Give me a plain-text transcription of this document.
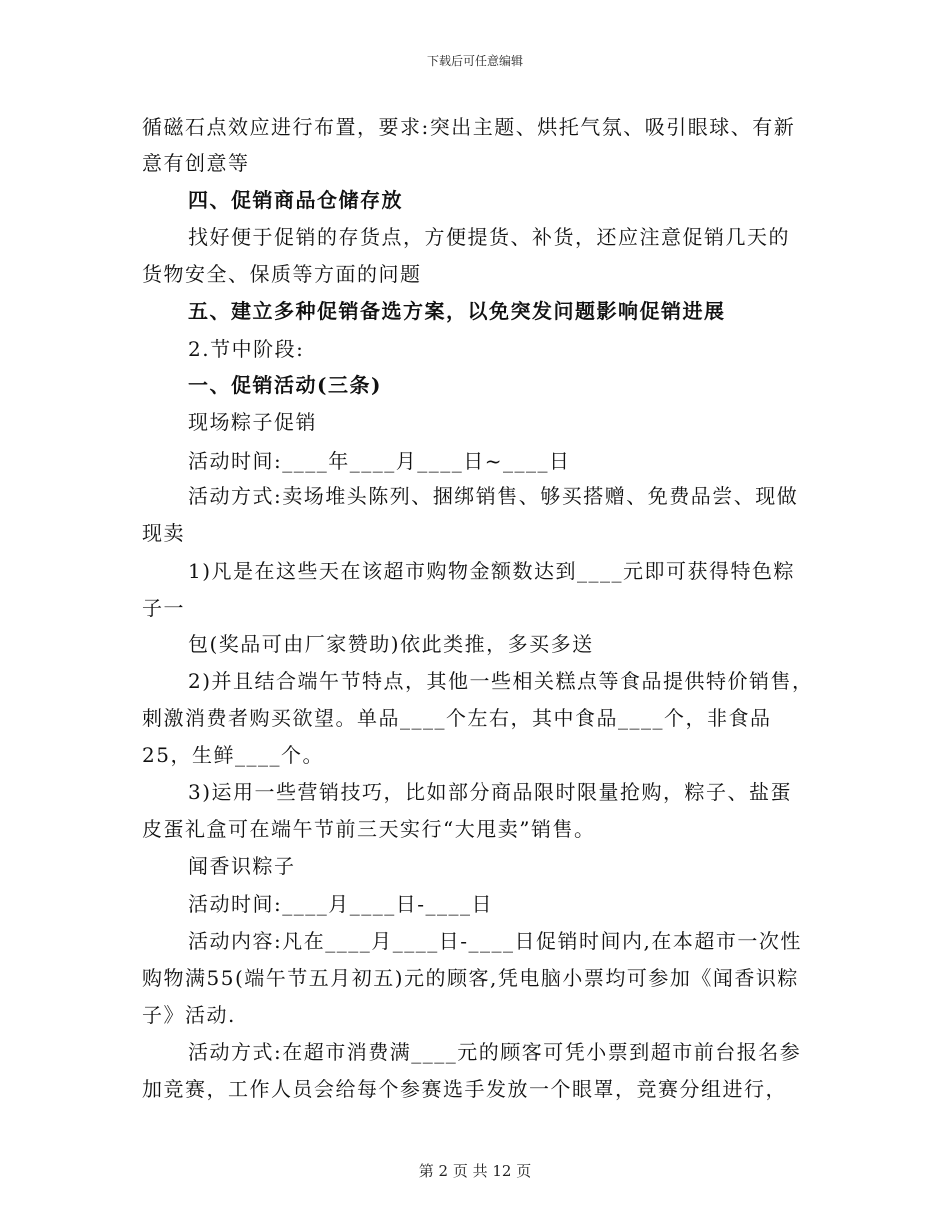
下载后可任意编辑
循磁石点效应进行布置，要求:突出主题、烘托气氛、吸引眼球、有新
意有创意等
四、促销商品仓储存放
找好便于促销的存货点，方便提货、补货，还应注意促销几天的
货物安全、保质等方面的问题
五、建立多种促销备选方案，以免突发问题影响促销进展
2.节中阶段:
一、促销活动(三条)
现场粽子促销
活动时间:____年____月____日~____日
活动方式:卖场堆头陈列、捆绑销售、够买搭赠、免费品尝、现做
现卖
1)凡是在这些天在该超市购物金额数达到____元即可获得特色粽
子一
包(奖品可由厂家赞助)依此类推，多买多送
2)并且结合端午节特点，其他一些相关糕点等食品提供特价销售，
刺激消费者购买欲望。单品____个左右，其中食品____个，非食品
25，生鲜____个。
3)运用一些营销技巧，比如部分商品限时限量抢购，粽子、盐蛋
皮蛋礼盒可在端午节前三天实行“大甩卖”销售。
闻香识粽子
活动时间:____月____日-____日
活动内容:凡在____月____日-____日促销时间内,在本超市一次性
购物满55(端午节五月初五)元的顾客,凭电脑小票均可参加《闻香识粽
子》活动.
活动方式:在超市消费满____元的顾客可凭小票到超市前台报名参
加竞赛，工作人员会给每个参赛选手发放一个眼罩，竞赛分组进行，
第 2 页 共 12 页
